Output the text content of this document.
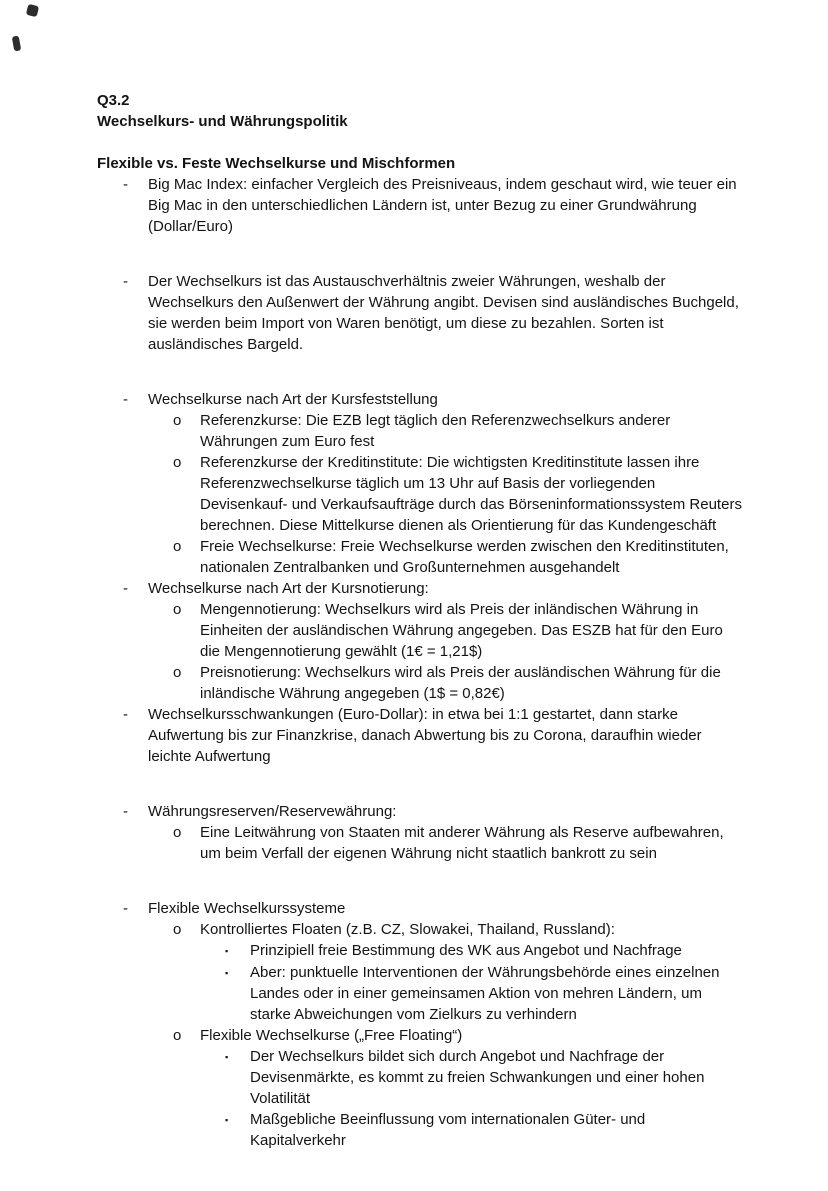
Q3.2
Wechselkurs- und Währungspolitik
Flexible vs. Feste Wechselkurse und Mischformen
-	Big Mac Index: einfacher Vergleich des Preisniveaus, indem geschaut wird, wie teuer ein Big Mac in den unterschiedlichen Ländern ist, unter Bezug zu einer Grundwährung (Dollar/Euro)
-	Der Wechselkurs ist das Austauschverhältnis zweier Währungen, weshalb der Wechselkurs den Außenwert der Währung angibt. Devisen sind ausländisches Buchgeld, sie werden beim Import von Waren benötigt, um diese zu bezahlen. Sorten ist ausländisches Bargeld.
-	Wechselkurse nach Art der Kursfeststellung
o	Referenzkurse: Die EZB legt täglich den Referenzwechselkurs anderer Währungen zum Euro fest
o	Referenzkurse der Kreditinstitute: Die wichtigsten Kreditinstitute lassen ihre Referenzwechselkurse täglich um 13 Uhr auf Basis der vorliegenden Devisenkauf- und Verkaufsaufträge durch das Börseninformationssystem Reuters berechnen. Diese Mittelkurse dienen als Orientierung für das Kundengeschäft
o	Freie Wechselkurse: Freie Wechselkurse werden zwischen den Kreditinstituten, nationalen Zentralbanken und Großunternehmen ausgehandelt
-	Wechselkurse nach Art der Kursnotierung:
o	Mengennotierung: Wechselkurs wird als Preis der inländischen Währung in Einheiten der ausländischen Währung angegeben. Das ESZB hat für den Euro die Mengennotierung gewählt (1€ = 1,21$)
o	Preisnotierung: Wechselkurs wird als Preis der ausländischen Währung für die inländische Währung angegeben (1$ = 0,82€)
-	Wechselkursschwankungen (Euro-Dollar): in etwa bei 1:1 gestartet, dann starke Aufwertung bis zur Finanzkrise, danach Abwertung bis zu Corona, daraufhin wieder leichte Aufwertung
-	Währungsreserven/Reservewährung:
o	Eine Leitwährung von Staaten mit anderer Währung als Reserve aufbewahren, um beim Verfall der eigenen Währung nicht staatlich bankrott zu sein
-	Flexible Wechselkurssysteme
o	Kontrolliertes Floaten (z.B. CZ, Slowakei, Thailand, Russland):
▪	Prinzipiell freie Bestimmung des WK aus Angebot und Nachfrage
▪	Aber: punktuelle Interventionen der Währungsbehörde eines einzelnen Landes oder in einer gemeinsamen Aktion von mehren Ländern, um starke Abweichungen vom Zielkurs zu verhindern
o	Flexible Wechselkurse („Free Floating“)
▪	Der Wechselkurs bildet sich durch Angebot und Nachfrage der Devisenmärkte, es kommt zu freien Schwankungen und einer hohen Volatilität
▪	Maßgebliche Beeinflussung vom internationalen Güter- und Kapitalverkehr
